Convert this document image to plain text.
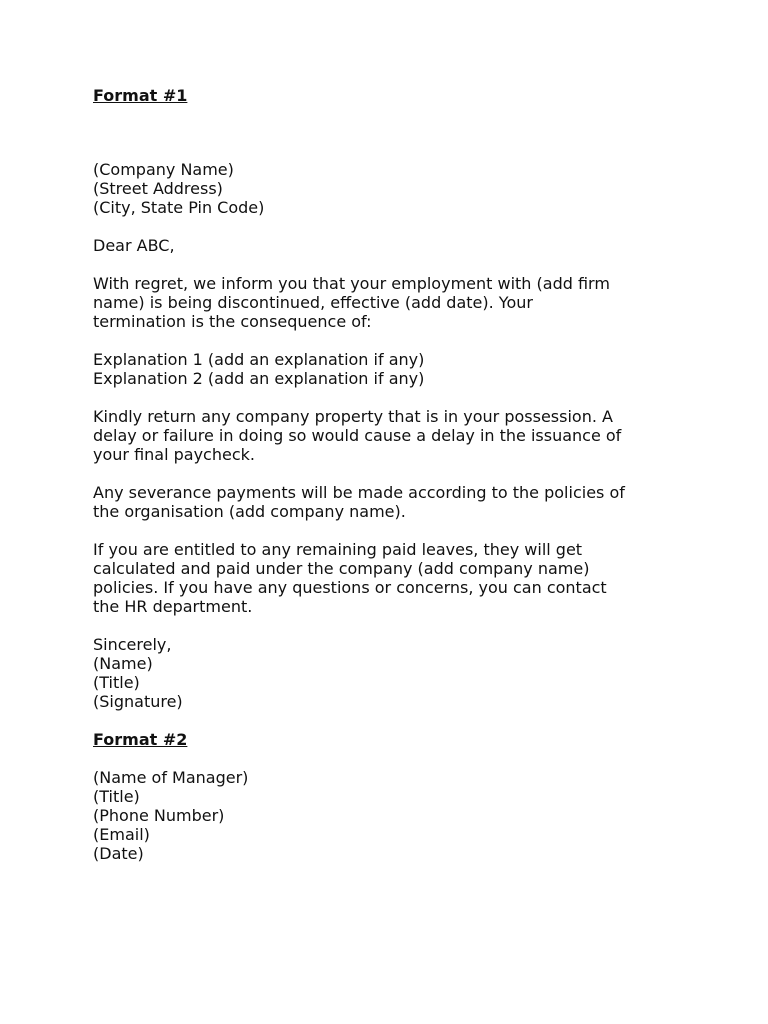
Format #1
(Company Name)
(Street Address)
(City, State Pin Code)
Dear ABC,
With regret, we inform you that your employment with (add firm
name) is being discontinued, effective (add date). Your
termination is the consequence of:
Explanation 1 (add an explanation if any)
Explanation 2 (add an explanation if any)
Kindly return any company property that is in your possession. A
delay or failure in doing so would cause a delay in the issuance of
your final paycheck.
Any severance payments will be made according to the policies of
the organisation (add company name).
If you are entitled to any remaining paid leaves, they will get
calculated and paid under the company (add company name)
policies. If you have any questions or concerns, you can contact
the HR department.
Sincerely,
(Name)
(Title)
(Signature)
Format #2
(Name of Manager)
(Title)
(Phone Number)
(Email)
(Date)
